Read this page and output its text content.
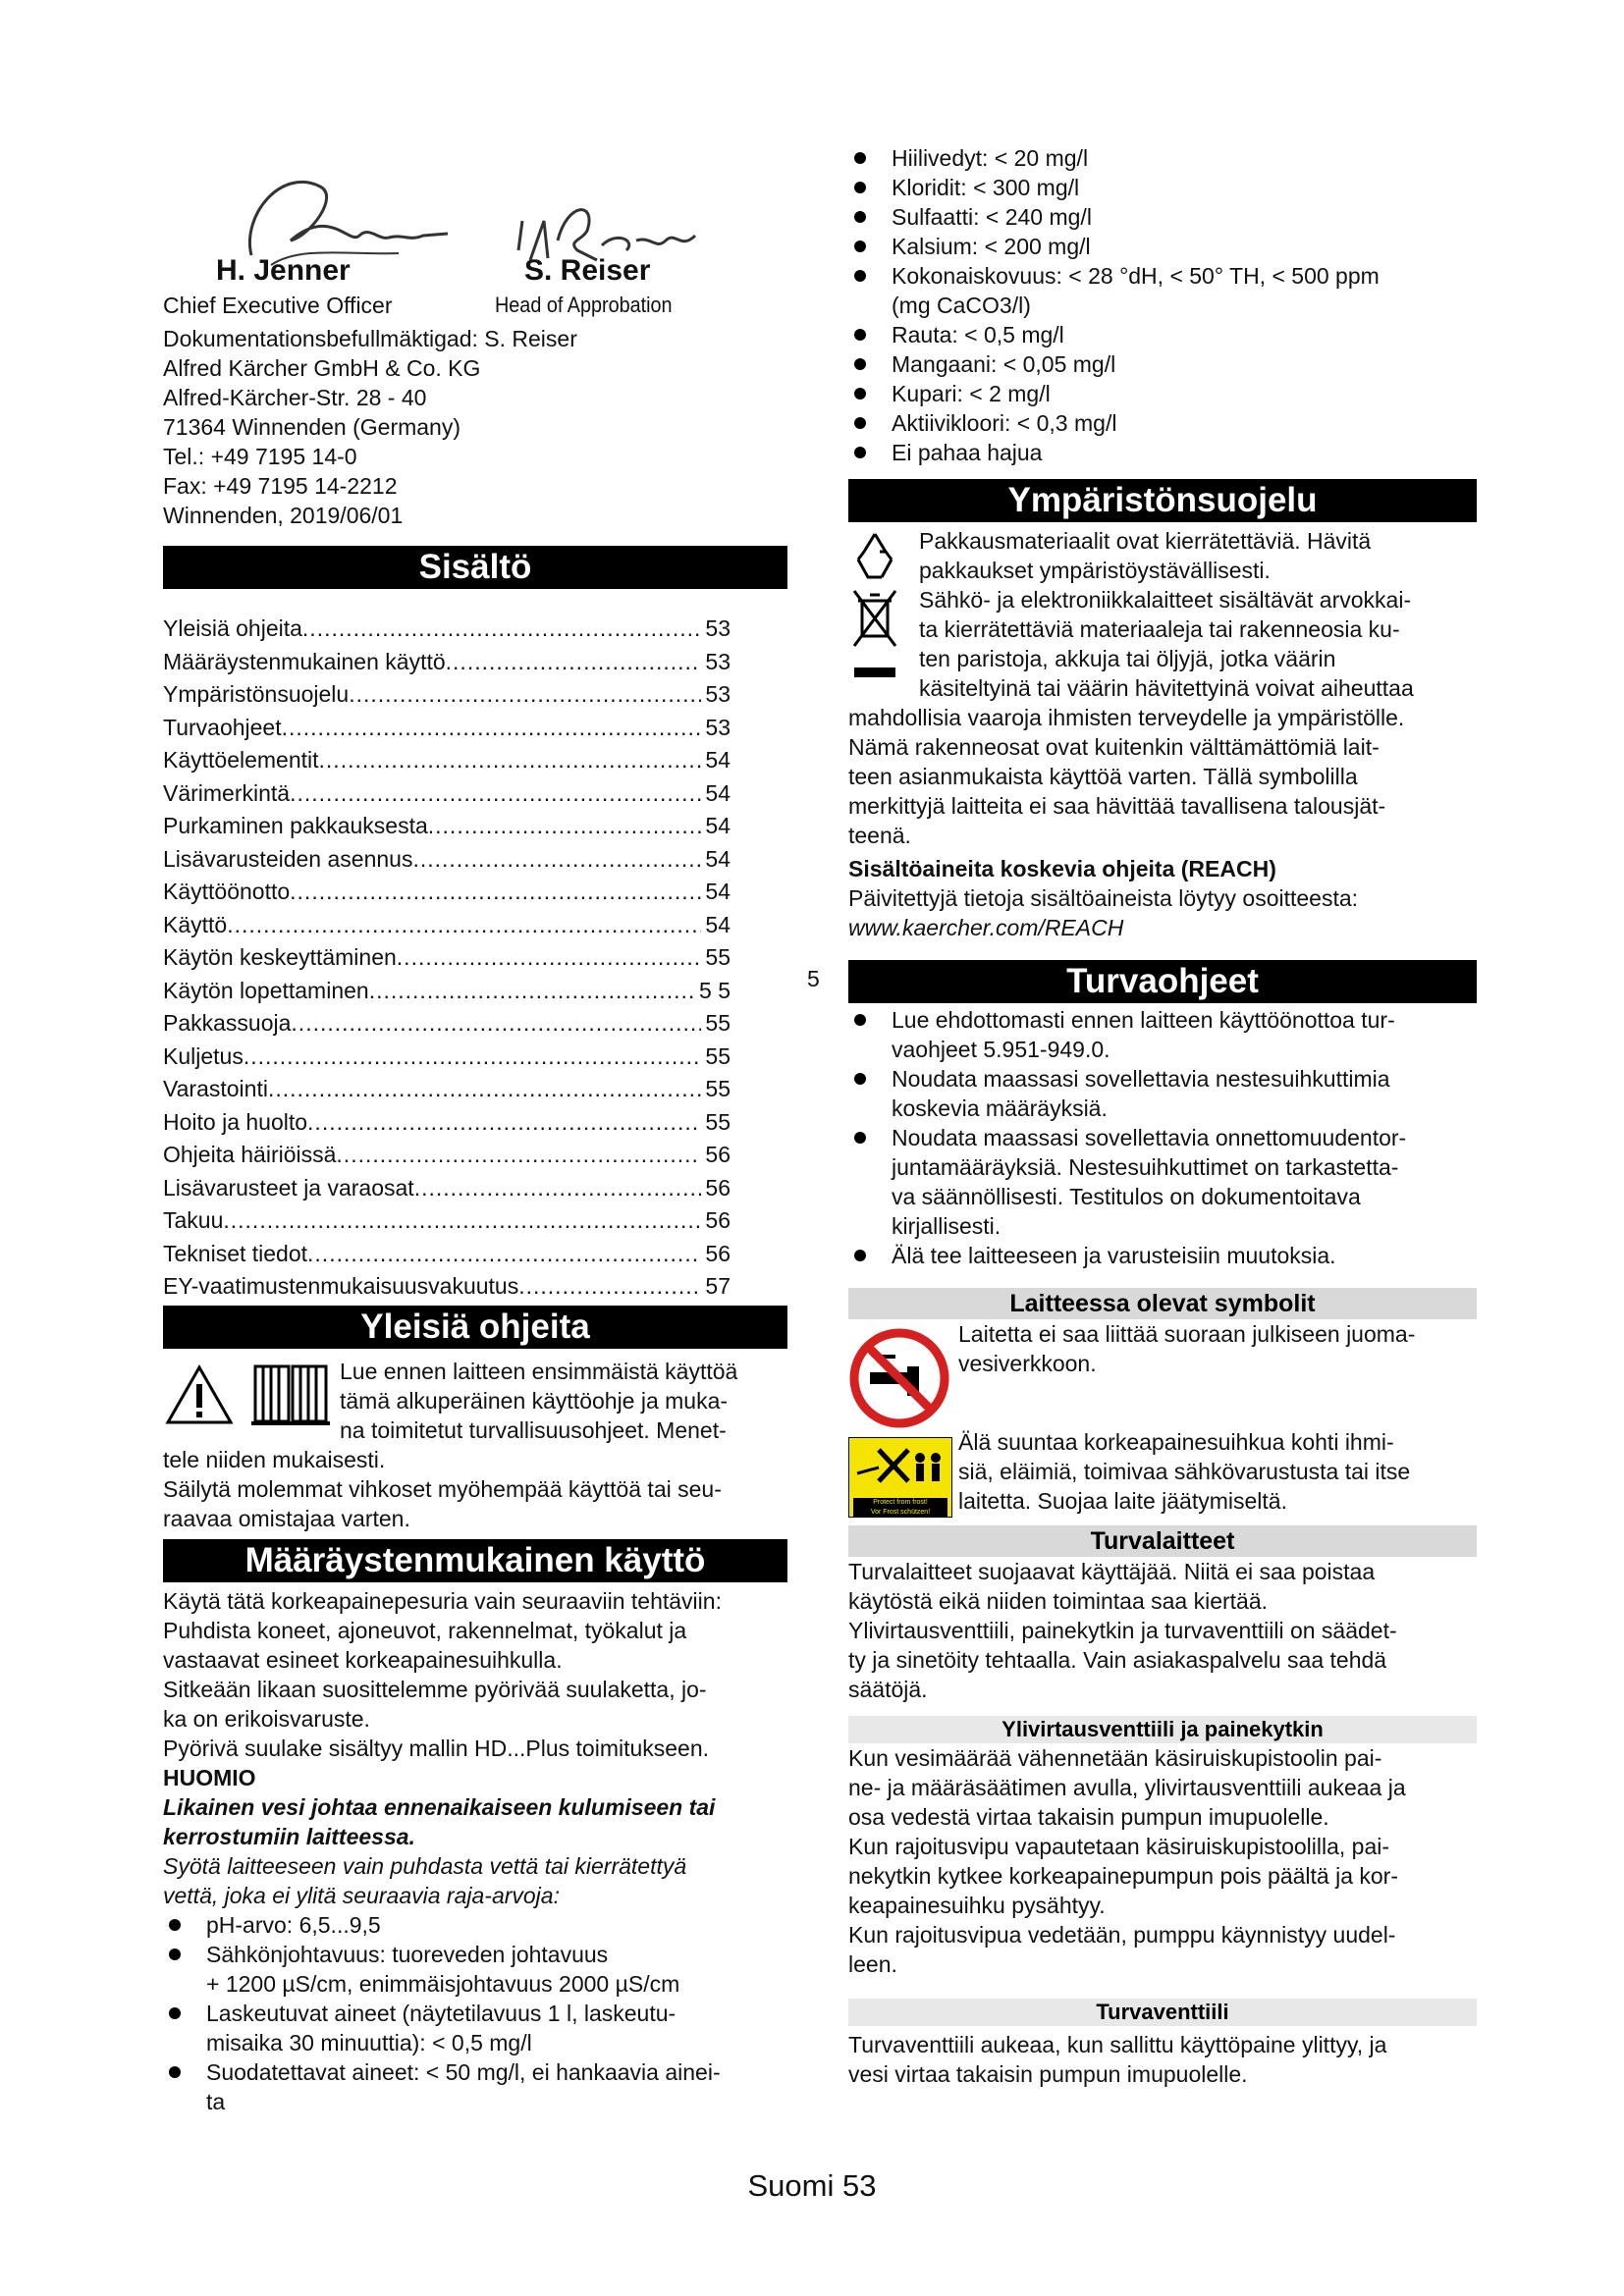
H. Jenner	S. Reiser
Chief Executive Officer	Head of Approbation

Dokumentationsbefullmäktigad: S. Reiser

Alfred Kärcher GmbH & Co. KG

Alfred-Kärcher-Str. 28 - 40

71364 Winnenden (Germany)

Tel.: +49 7195 14-0

Fax: +49 7195 14-2212

Winnenden, 2019/06/01

Sisältö
Yleisiä ohjeita .....	53
Määräystenmukainen käyttö .....	53
Ympäristönsuojelu .....	53
Turvaohjeet .....	53
Käyttöelementit .....	54
Värimerkintä .....	54
Purkaminen pakkauksesta .....	54
Lisävarusteiden asennus .....	54
Käyttöönotto .....	54
Käyttö .....	54
Käytön keskeyttäminen .....	55
Käytön lopettaminen .....	5 5
Pakkassuoja .....	55
Kuljetus .....	55
Varastointi .....	55
Hoito ja huolto .....	55
Ohjeita häiriöissä .....	56
Lisävarusteet ja varaosat .....	56
Takuu .....	56
Tekniset tiedot .....	56
EY-vaatimustenmukaisuusvakuutus .....	57
Yleisiä ohjeita

Lue ennen laitteen ensimmäistä käyttöä

tämä alkuperäinen käyttöohje ja muka-

na toimitetut turvallisuusohjeet. Menet-

tele niiden mukaisesti.

Säilytä molemmat vihkoset myöhempää käyttöä tai seu-

raavaa omistajaa varten.

Määräystenmukainen käyttö

Käytä tätä korkeapainepesuria vain seuraaviin tehtäviin:

Puhdista koneet, ajoneuvot, rakennelmat, työkalut ja

vastaavat esineet korkeapainesuihkulla.

Sitkeään likaan suosittelemme pyörivää suulaketta, jo-

ka on erikoisvaruste.

Pyörivä suulake sisältyy mallin HD...Plus toimitukseen.

HUOMIO

Likainen vesi johtaa ennenaikaiseen kulumiseen tai

kerrostumiin laitteessa.

Syötä laitteeseen vain puhdasta vettä tai kierrätettyä

vettä, joka ei ylitä seuraavia raja-arvoja:

pH-arvo: 6,5...9,5
Sähkönjohtavuus: tuoreveden johtavuus
+ 1200 µS/cm, enimmäisjohtavuus 2000 µS/cm
Laskeutuvat aineet (näytetilavuus 1 l, laskeutu-
misaika 30 minuuttia): < 0,5 mg/l
Suodatettavat aineet: < 50 mg/l, ei hankaavia ainei-
ta
5
Hiilivedyt: < 20 mg/l
Kloridit: < 300 mg/l
Sulfaatti: < 240 mg/l
Kalsium: < 200 mg/l
Kokonaiskovuus: < 28 °dH, < 50° TH, < 500 ppm
(mg CaCO3/l)
Rauta: < 0,5 mg/l
Mangaani: < 0,05 mg/l
Kupari: < 2 mg/l
Aktiivikloori: < 0,3 mg/l
Ei pahaa hajua
Ympäristönsuojelu

Pakkausmateriaalit ovat kierrätettäviä. Hävitä

pakkaukset ympäristöystävällisesti.

Sähkö- ja elektroniikkalaitteet sisältävät arvokkai-

ta kierrätettäviä materiaaleja tai rakenneosia ku-

ten paristoja, akkuja tai öljyjä, jotka väärin

käsiteltyinä tai väärin hävitettyinä voivat aiheuttaa

mahdollisia vaaroja ihmisten terveydelle ja ympäristölle.

Nämä rakenneosat ovat kuitenkin välttämättömiä lait-

teen asianmukaista käyttöä varten. Tällä symbolilla

merkittyjä laitteita ei saa hävittää tavallisena talousjät-

teenä.

Sisältöaineita koskevia ohjeita (REACH)

Päivitettyjä tietoja sisältöaineista löytyy osoitteesta:

www.kaercher.com/REACH

Turvaohjeet
Lue ehdottomasti ennen laitteen käyttöönottoa tur-
vaohjeet 5.951-949.0.
Noudata maassasi sovellettavia nestesuihkuttimia
koskevia määräyksiä.
Noudata maassasi sovellettavia onnettomuudentor-
juntamääräyksiä. Nestesuihkuttimet on tarkastetta-
va säännöllisesti. Testitulos on dokumentoitava
kirjallisesti.
Älä tee laitteeseen ja varusteisiin muutoksia.
Laitteessa olevat symbolit

Laitetta ei saa liittää suoraan julkiseen juoma-

vesiverkkoon.

Protect from frost!
Vor Frost schützen!

Älä suuntaa korkeapainesuihkua kohti ihmi-

siä, eläimiä, toimivaa sähkövarustusta tai itse

laitetta. Suojaa laite jäätymiseltä.

Turvalaitteet

Turvalaitteet suojaavat käyttäjää. Niitä ei saa poistaa

käytöstä eikä niiden toimintaa saa kiertää.

Ylivirtausventtiili, painekytkin ja turvaventtiili on säädet-

ty ja sinetöity tehtaalla. Vain asiakaspalvelu saa tehdä

säätöjä.

Ylivirtausventtiili ja painekytkin

Kun vesimäärää vähennetään käsiruiskupistoolin pai-

ne- ja määräsäätimen avulla, ylivirtausventtiili aukeaa ja

osa vedestä virtaa takaisin pumpun imupuolelle.

Kun rajoitusvipu vapautetaan käsiruiskupistoolilla, pai-

nekytkin kytkee korkeapainepumpun pois päältä ja kor-

keapainesuihku pysähtyy.

Kun rajoitusvipua vedetään, pumppu käynnistyy uudel-

leen.

Turvaventtiili

Turvaventtiili aukeaa, kun sallittu käyttöpaine ylittyy, ja

vesi virtaa takaisin pumpun imupuolelle.

Suomi 53
